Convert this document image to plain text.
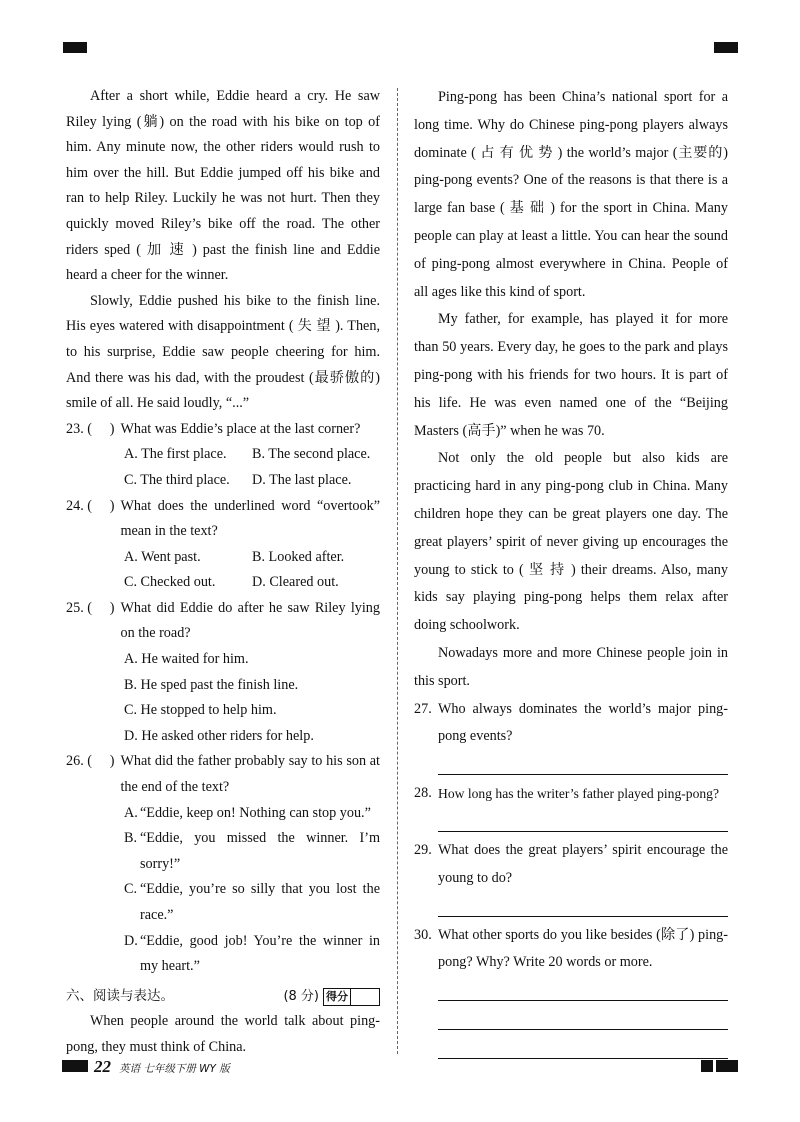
After a short while, Eddie heard a cry. He saw Riley lying (躺) on the road with his bike on top of him. Any minute now, the other riders would rush to him over the hill. But Eddie jumped off his bike and ran to help Riley. Luckily he was not hurt. Then they quickly moved Riley’s bike off the road. The other riders sped ( 加 速 ) past the finish line and Eddie heard a cheer for the winner.

Slowly, Eddie pushed his bike to the finish line. His eyes watered with disappointment ( 失 望 ). Then, to his surprise, Eddie saw people cheering for him. And there was his dad, with the proudest (最骄傲的) smile of all. He said loudly, “...”

23. (     ) What was Eddie’s place at the last corner?
A. The first place.	B. The second place.
C. The third place.	D. The last place.
24. (     ) What does the underlined word “overtook” mean in the text?
A. Went past.	B. Looked after.
C. Checked out.	D. Cleared out.
25. (     ) What did Eddie do after he saw Riley lying on the road?
A. He waited for him.
B. He sped past the finish line.
C. He stopped to help him.
D. He asked other riders for help.
26. (     ) What did the father probably say to his son at the end of the text?
A. “Eddie, keep on! Nothing can stop you.”
B. “Eddie, you missed the winner. I’m sorry!”
C. “Eddie, you’re so silly that you lost the race.”
D. “Eddie, good job! You’re the winner in my heart.”
六、阅读与表达。	(8 分) 得分

When people around the world talk about ping-pong, they must think of China.

Ping-pong has been China’s national sport for a long time. Why do Chinese ping-pong players always dominate ( 占 有 优 势 ) the world’s major (主要的) ping-pong events? One of the reasons is that there is a large fan base ( 基 础 ) for the sport in China. Many people can play at least a little. You can hear the sound of ping-pong almost everywhere in China. People of all ages like this kind of sport.

My father, for example, has played it for more than 50 years. Every day, he goes to the park and plays ping-pong with his friends for two hours. It is part of his life. He was even named one of the “Beijing Masters (高手)” when he was 70.

Not only the old people but also kids are practicing hard in any ping-pong club in China. Many children hope they can be great players one day. The great players’ spirit of never giving up encourages the young to stick to ( 坚 持 ) their dreams. Also, many kids say playing ping-pong helps them relax after doing schoolwork.

Nowadays more and more Chinese people join in this sport.

27. Who always dominates the world’s major ping-pong events?
28. How long has the writer’s father played ping-pong?
29. What does the great players’ spirit encourage the young to do?
30. What other sports do you like besides (除了) ping-pong? Why? Write 20 words or more.
22 英语 七年级下册 WY 版
